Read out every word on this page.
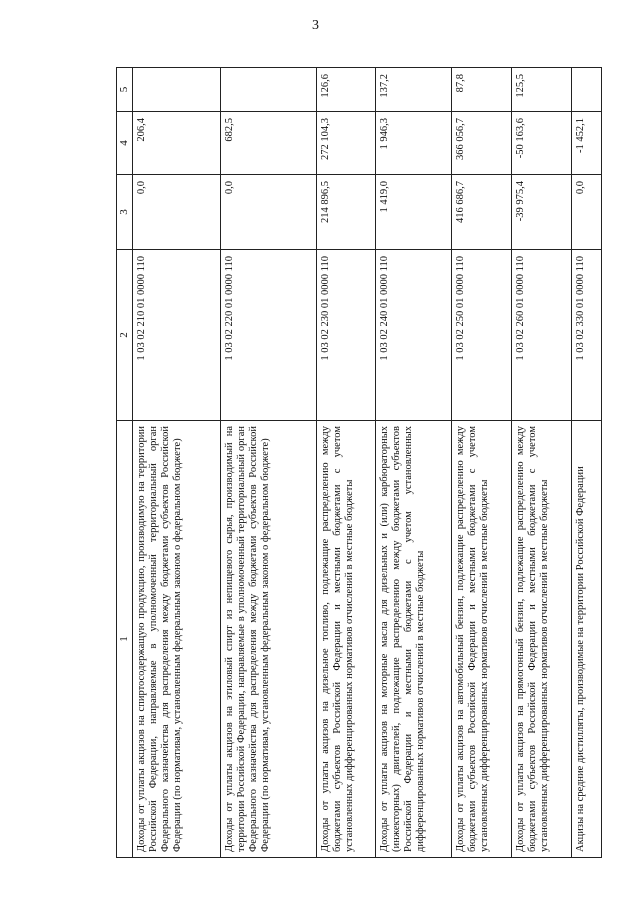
3
1	2	3	4	5
Доходы от уплаты акцизов на спиртосодержащую продукцию, производимую на территории Российской Федерации, направляемые в уполномоченный территориальный орган Федерального казначейства для распределения между бюджетами субъектов Российской Федерации (по нормативам, установленным федеральным законом о федеральном бюджете)	1 03 02 210 01 0000 110	0,0	206,4	
Доходы от уплаты акцизов на этиловый спирт из непищевого сырья, производимый на территории Российской Федерации, направляемые в уполномоченный территориальный орган Федерального казначейства для распределения между бюджетами субъектов Российской Федерации (по нормативам, установленным федеральным законом о федеральном бюджете)	1 03 02 220 01 0000 110	0,0	682,5	
Доходы от уплаты акцизов на дизельное топливо, подлежащие распределению между бюджетами субъектов Российской Федерации и местными бюджетами с учетом установленных дифференцированных нормативов отчислений в местные бюджеты	1 03 02 230 01 0000 110	214 896,5	272 104,3	126,6
Доходы от уплаты акцизов на моторные масла для дизельных и (или) карбюраторных (инжекторных) двигателей, подлежащие распределению между бюджетами субъектов Российской Федерации и местными бюджетами с учетом установленных дифференцированных нормативов отчислений в местные бюджеты	1 03 02 240 01 0000 110	1 419,0	1 946,3	137,2
Доходы от уплаты акцизов на автомобильный бензин, подлежащие распределению между бюджетами субъектов Российской Федерации и местными бюджетами с учетом установленных дифференцированных нормативов отчислений в местные бюджеты	1 03 02 250 01 0000 110	416 686,7	366 056,7	87,8
Доходы от уплаты акцизов на прямогонный бензин, подлежащие распределению между бюджетами субъектов Российской Федерации и местными бюджетами с учетом установленных дифференцированных нормативов отчислений в местные бюджеты	1 03 02 260 01 0000 110	-39 975,4	-50 163,6	125,5
Акцизы на средние дистилляты, производимые на территории Российской Федерации	1 03 02 330 01 0000 110	0,0	-1 452,1	
